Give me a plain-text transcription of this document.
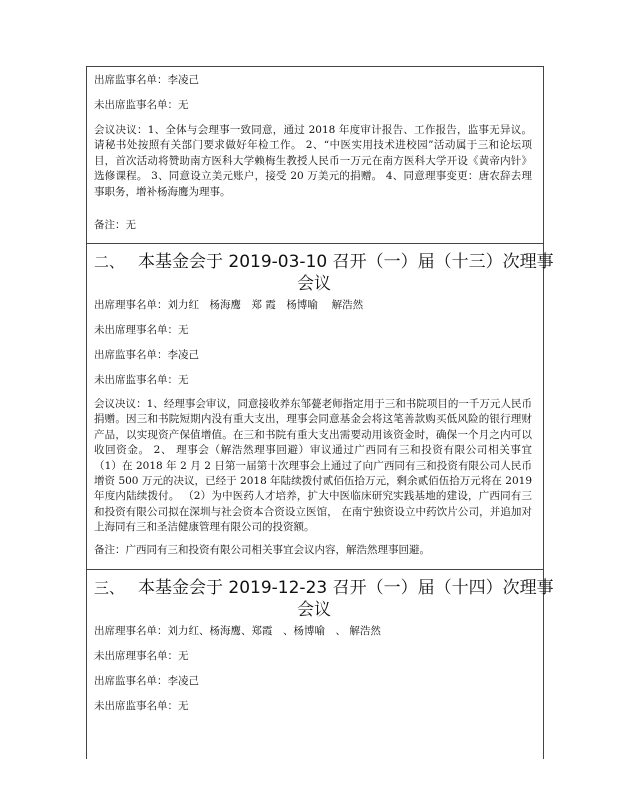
出席监事名单：李凌己
未出席监事名单：无
会议决议：1、全体与会理事一致同意，通过 2018 年度审计报告、工作报告，监事无异议。请秘书处按照有关部门要求做好年检工作。 2、“中医实用技术进校园”活动属于三和论坛项目，首次活动将赞助南方医科大学赖梅生教授人民币一万元在南方医科大学开设《黄帝内针》选修课程。 3、同意设立美元账户，接受 20 万美元的捐赠。 4、同意理事变更：唐农辞去理事职务，增补杨海鹰为理事。
备注：无
二、 本基金会于 2019-03-10 召开（一）届（十三）次理事
会议
出席理事名单：刘力红　杨海鹰　郑 霞　杨博喻　 解浩然
未出席理事名单：无
出席监事名单：李凌己
未出席监事名单：无
会议决议：1、经理事会审议，同意接收养东邹甍老师指定用于三和书院项目的一千万元人民币捐赠。因三和书院短期内没有重大支出，理事会同意基金会将这笔善款购买低风险的银行理财产品，以实现资产保值增值。在三和书院有重大支出需要动用该资金时，确保一个月之内可以收回资金。 2、 理事会（解浩然理事回避）审议通过广西同有三和投资有限公司相关事宜 （1）在 2018 年 2 月 2 日第一届第十次理事会上通过了向广西同有三和投资有限公司人民币增资 500 万元的决议，已经于 2018 年陆续拨付贰佰伍拾万元，剩余贰佰伍拾万元将在 2019 年度内陆续拨付。 （2）为中医药人才培养，扩大中医临床研究实践基地的建设，广西同有三和投资有限公司拟在深圳与社会资本合资设立医馆， 在南宁独资设立中药饮片公司，并追加对上海同有三和圣洁健康管理有限公司的投资额。
备注：广西同有三和投资有限公司相关事宜会议内容，解浩然理事回避。
三、 本基金会于 2019-12-23 召开（一）届（十四）次理事
会议
出席理事名单：刘力红、杨海鹰、郑霞　、杨博喻　、 解浩然
未出席理事名单：无
出席监事名单：李凌己
未出席监事名单：无
